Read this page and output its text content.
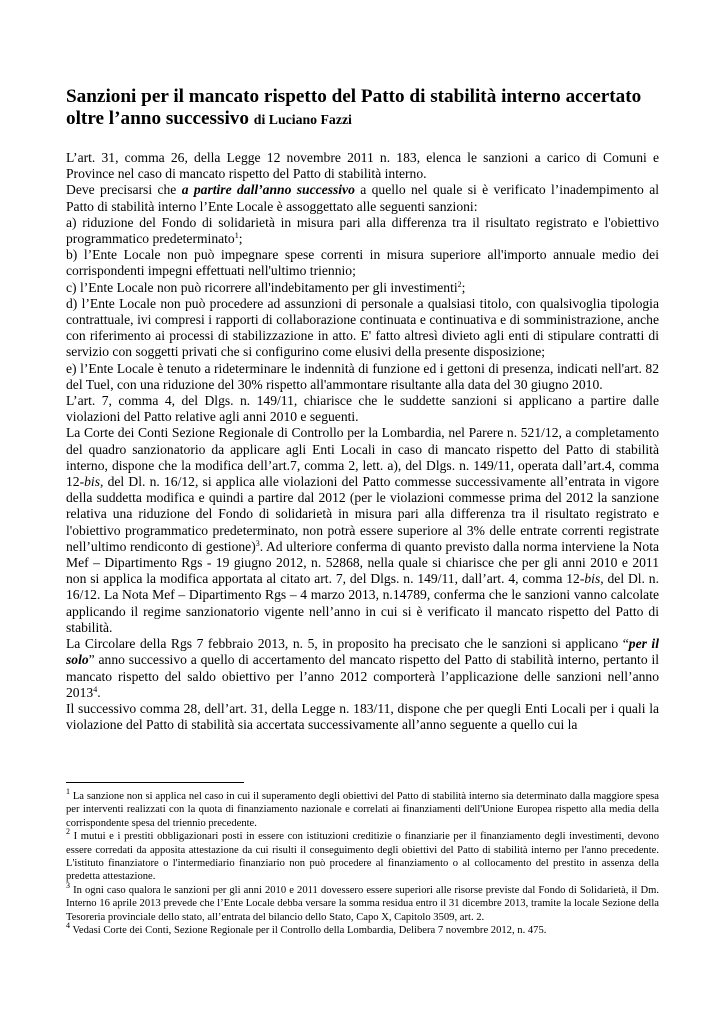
Sanzioni per il mancato rispetto del Patto di stabilità interno accertato oltre l’anno successivo di Luciano Fazzi

L’art. 31, comma 26, della Legge 12 novembre 2011 n. 183, elenca le sanzioni a carico di Comuni e Province nel caso di mancato rispetto del Patto di stabilità interno.

Deve precisarsi che a partire dall’anno successivo a quello nel quale si è verificato l’inadempimento al Patto di stabilità interno l’Ente Locale è assoggettato alle seguenti sanzioni:

a) riduzione del Fondo di solidarietà in misura pari alla differenza tra il risultato registrato e l'obiettivo programmatico predeterminato$^1$;

b) l’Ente Locale non può impegnare spese correnti in misura superiore all'importo annuale medio dei corrispondenti impegni effettuati nell'ultimo triennio;

c) l’Ente Locale non può ricorrere all'indebitamento per gli investimenti$^2$;

d) l’Ente Locale non può procedere ad assunzioni di personale a qualsiasi titolo, con qualsivoglia tipologia contrattuale, ivi compresi i rapporti di collaborazione continuata e continuativa e di somministrazione, anche con riferimento ai processi di stabilizzazione in atto. E' fatto altresì divieto agli enti di stipulare contratti di servizio con soggetti privati che si configurino come elusivi della presente disposizione;

e) l’Ente Locale è tenuto a rideterminare le indennità di funzione ed i gettoni di presenza, indicati nell'art. 82 del Tuel, con una riduzione del 30% rispetto all'ammontare risultante alla data del 30 giugno 2010.

L’art. 7, comma 4, del Dlgs. n. 149/11, chiarisce che le suddette sanzioni si applicano a partire dalle violazioni del Patto relative agli anni 2010 e seguenti.

La Corte dei Conti Sezione Regionale di Controllo per la Lombardia, nel Parere n. 521/12, a completamento del quadro sanzionatorio da applicare agli Enti Locali in caso di mancato rispetto del Patto di stabilità interno, dispone che la modifica dell’art.7, comma 2, lett. a), del Dlgs. n. 149/11, operata dall’art.4, comma 12-bis, del Dl. n. 16/12, si applica alle violazioni del Patto commesse successivamente all’entrata in vigore della suddetta modifica e quindi a partire dal 2012 (per le violazioni commesse prima del 2012 la sanzione relativa una riduzione del Fondo di solidarietà in misura pari alla differenza tra il risultato registrato e l'obiettivo programmatico predeterminato, non potrà essere superiore al 3% delle entrate correnti registrate nell’ultimo rendiconto di gestione)$^3$. Ad ulteriore conferma di quanto previsto dalla norma interviene la Nota Mef – Dipartimento Rgs - 19 giugno 2012, n. 52868, nella quale si chiarisce che per gli anni 2010 e 2011 non si applica la modifica apportata al citato art. 7, del Dlgs. n. 149/11, dall’art. 4, comma 12-bis, del Dl. n. 16/12. La Nota Mef – Dipartimento Rgs – 4 marzo 2013, n.14789, conferma che le sanzioni vanno calcolate applicando il regime sanzionatorio vigente nell’anno in cui si è verificato il mancato rispetto del Patto di stabilità.

La Circolare della Rgs 7 febbraio 2013, n. 5, in proposito ha precisato che le sanzioni si applicano “per il solo” anno successivo a quello di accertamento del mancato rispetto del Patto di stabilità interno, pertanto il mancato rispetto del saldo obiettivo per l’anno 2012 comporterà l’applicazione delle sanzioni nell’anno 2013$^4$.

Il successivo comma 28, dell’art. 31, della Legge n. 183/11, dispone che per quegli Enti Locali per i quali la violazione del Patto di stabilità sia accertata successivamente all’anno seguente a quello cui la

$^1$ La sanzione non si applica nel caso in cui il superamento degli obiettivi del Patto di stabilità interno sia determinato dalla maggiore spesa per interventi realizzati con la quota di finanziamento nazionale e correlati ai finanziamenti dell'Unione Europea rispetto alla media della corrispondente spesa del triennio precedente.

$^2$ I mutui e i prestiti obbligazionari posti in essere con istituzioni creditizie o finanziarie per il finanziamento degli investimenti, devono essere corredati da apposita attestazione da cui risulti il conseguimento degli obiettivi del Patto di stabilità interno per l'anno precedente. L'istituto finanziatore o l'intermediario finanziario non può procedere al finanziamento o al collocamento del prestito in assenza della predetta attestazione.

$^3$ In ogni caso qualora le sanzioni per gli anni 2010 e 2011 dovessero essere superiori alle risorse previste dal Fondo di Solidarietà, il Dm. Interno 16 aprile 2013 prevede che l’Ente Locale debba versare la somma residua entro il 31 dicembre 2013, tramite la locale Sezione della Tesoreria provinciale dello stato, all’entrata del bilancio dello Stato, Capo X, Capitolo 3509, art. 2.

$^4$ Vedasi Corte dei Conti, Sezione Regionale per il Controllo della Lombardia, Delibera 7 novembre 2012, n. 475.
